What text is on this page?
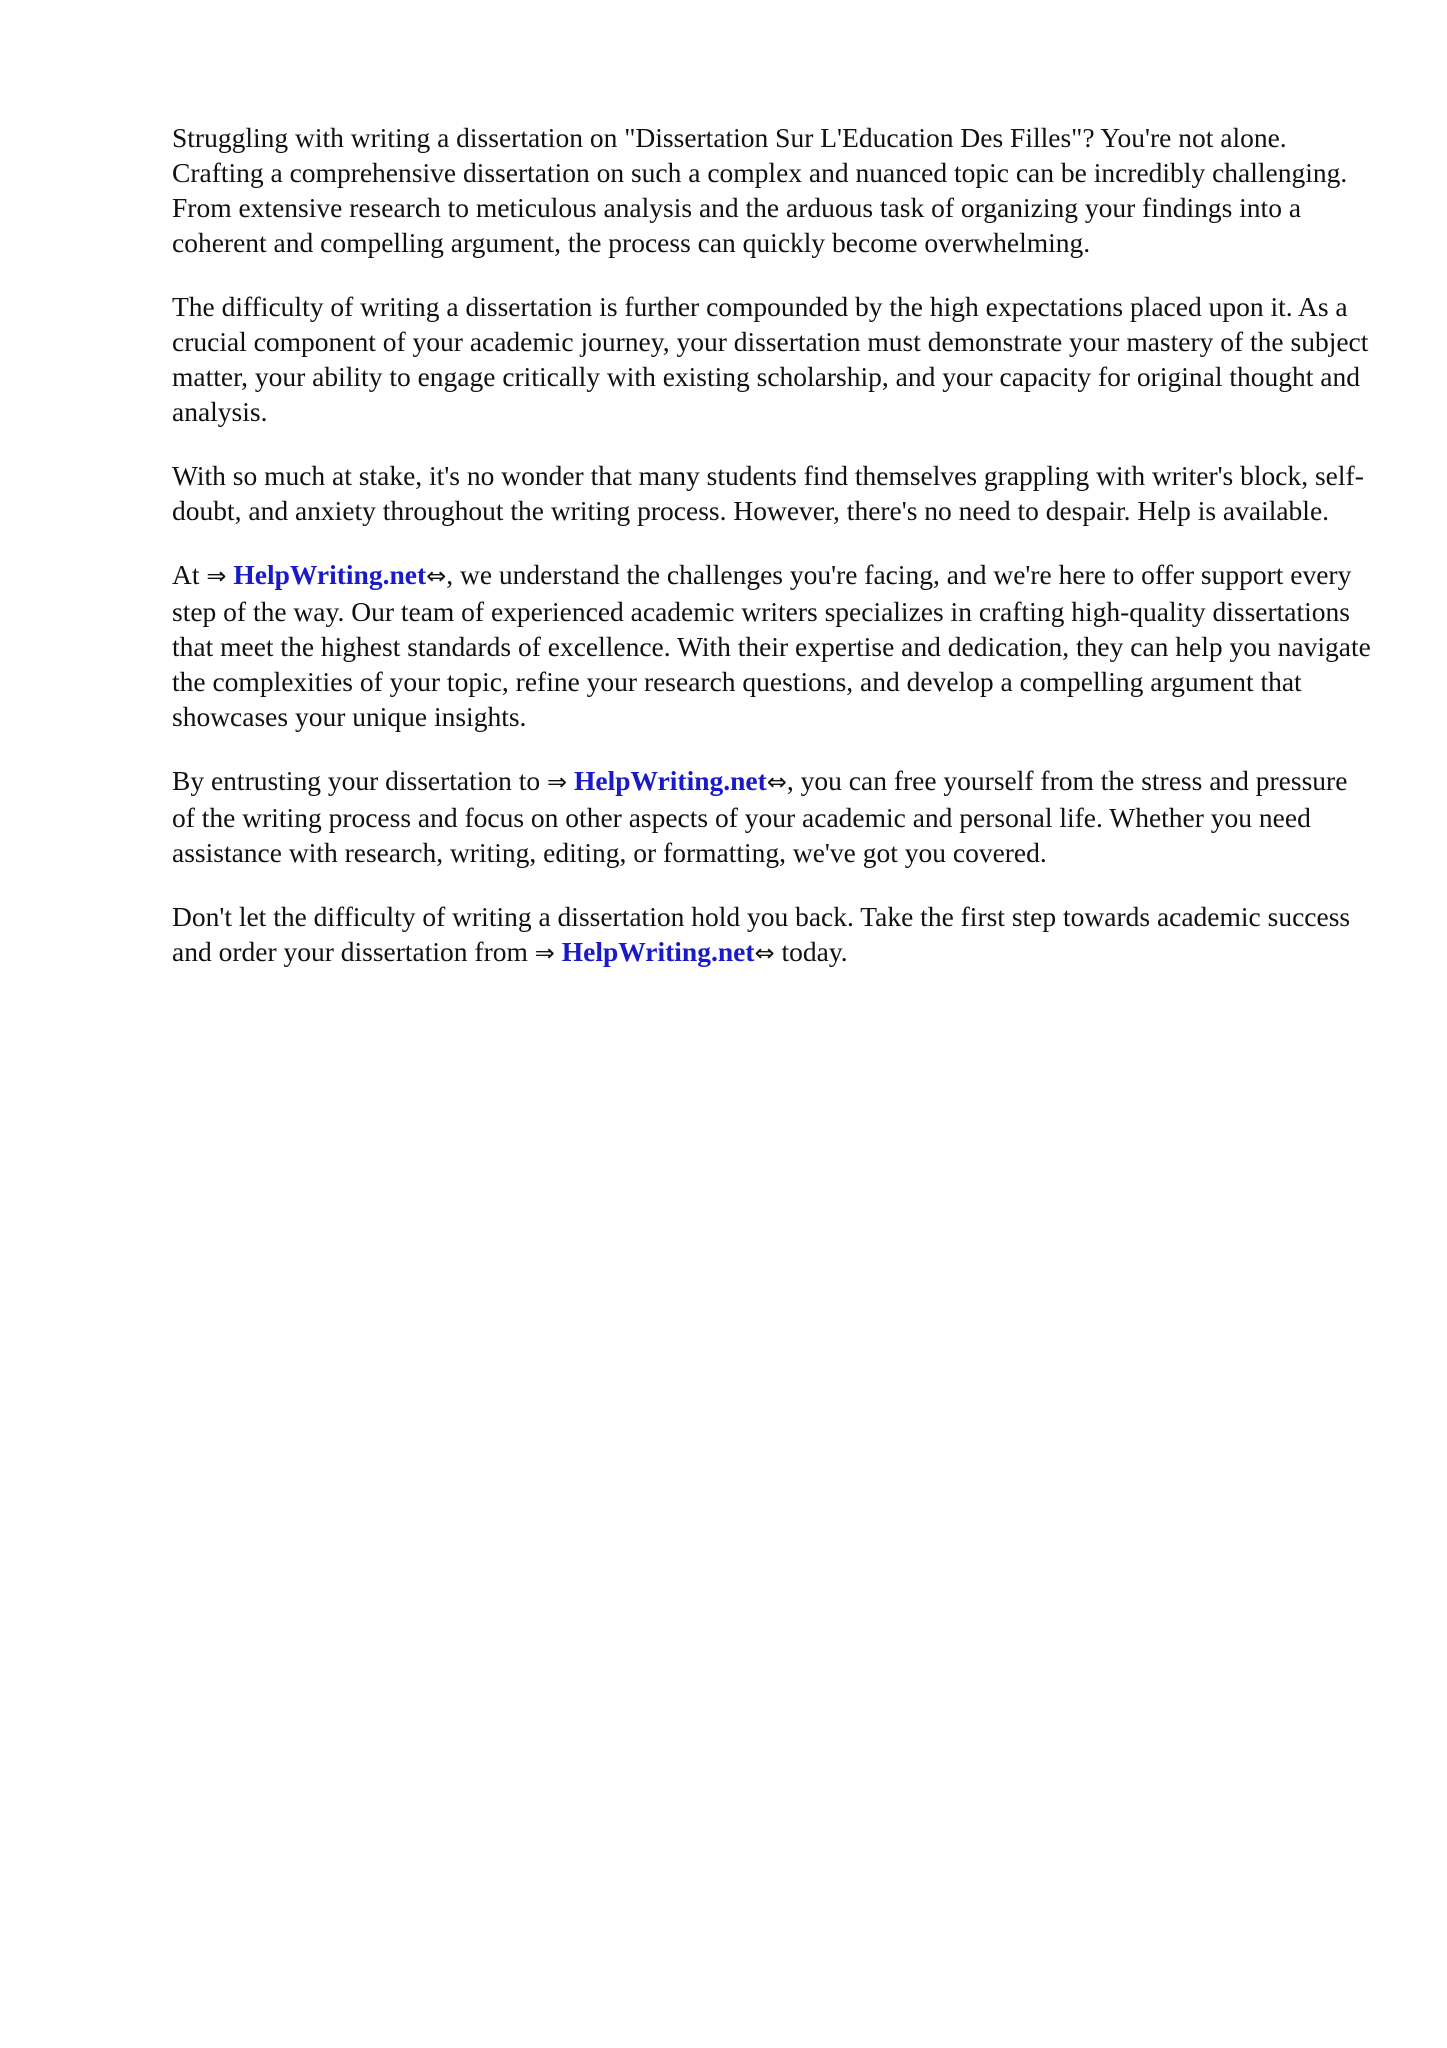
Struggling with writing a dissertation on "Dissertation Sur L'Education Des Filles"? You're not alone. Crafting a comprehensive dissertation on such a complex and nuanced topic can be incredibly challenging. From extensive research to meticulous analysis and the arduous task of organizing your findings into a coherent and compelling argument, the process can quickly become overwhelming.

The difficulty of writing a dissertation is further compounded by the high expectations placed upon it. As a crucial component of your academic journey, your dissertation must demonstrate your mastery of the subject matter, your ability to engage critically with existing scholarship, and your capacity for original thought and analysis.

With so much at stake, it's no wonder that many students find themselves grappling with writer's block, self-doubt, and anxiety throughout the writing process. However, there's no need to despair. Help is available.

At ⇒ HelpWriting.net⇔, we understand the challenges you're facing, and we're here to offer support every step of the way. Our team of experienced academic writers specializes in crafting high-quality dissertations that meet the highest standards of excellence. With their expertise and dedication, they can help you navigate the complexities of your topic, refine your research questions, and develop a compelling argument that showcases your unique insights.

By entrusting your dissertation to ⇒ HelpWriting.net⇔, you can free yourself from the stress and pressure of the writing process and focus on other aspects of your academic and personal life. Whether you need assistance with research, writing, editing, or formatting, we've got you covered.

Don't let the difficulty of writing a dissertation hold you back. Take the first step towards academic success and order your dissertation from ⇒ HelpWriting.net⇔ today.
